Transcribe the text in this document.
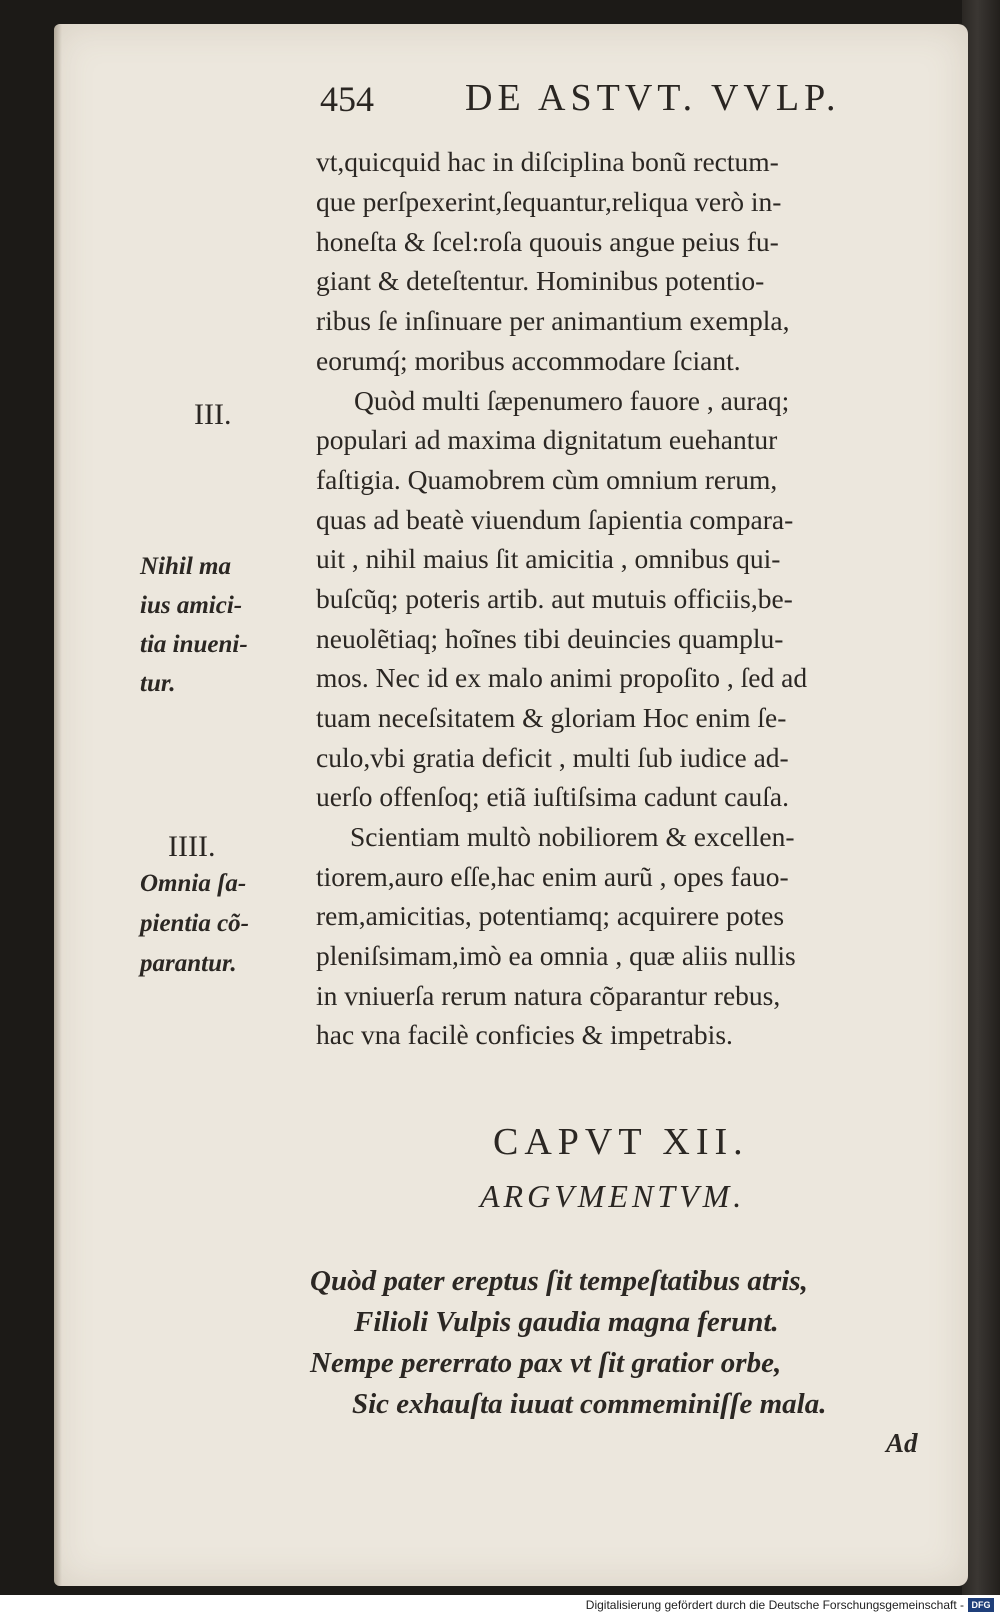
454 DE ASTVT. VVLP.
vt,quicquid hac in diſciplina bonũ rectum-
que perſpexerint,ſequantur,reliqua verò in-
honeſta & ſcel:roſa quouis angue peius fu-
giant & deteſtentur. Hominibus potentio-
ribus ſe inſinuare per animantium exempla,
eorumq́; moribus accommodare ſciant.
Quòd multi ſæpenumero fauore , auraq;
populari ad maxima dignitatum euehantur
faſtigia. Quamobrem cùm omnium rerum,
quas ad beatè viuendum ſapientia compara-
uit , nihil maius ſit amicitia , omnibus qui-
buſcũq; poteris artib. aut mutuis officiis,be-
neuolẽtiaq; hoĩnes tibi deuincies quamplu-
mos. Nec id ex malo animi propoſito , ſed ad
tuam neceſsitatem & gloriam Hoc enim ſe-
culo,vbi gratia deficit , multi ſub iudice ad-
uerſo offenſoq; etiã iuſtiſsima cadunt cauſa.
Scientiam multò nobiliorem & excellen-
tiorem,auro eſſe,hac enim aurũ , opes fauo-
rem,amicitias, potentiamq; acquirere potes
pleniſsimam,imò ea omnia , quæ aliis nullis
in vniuerſa rerum natura cõparantur rebus,
hac vna facilè conficies & impetrabis.
III.
IIII.
Nihil ma
ius amici-
tia inueni-
tur.
Omnia ſa-
pientia cõ-
parantur.
CAPVT XII.
ARGVMENTVM.
Quòd pater ereptus ſit tempeſtatibus atris,
Filioli Vulpis gaudia magna ferunt.
Nempe pererrato pax vt ſit gratior orbe,
Sic exhauſta iuuat commeminiſſe mala.
Ad
Digitalisierung gefördert durch die Deutsche Forschungsgemeinschaft - DFG
